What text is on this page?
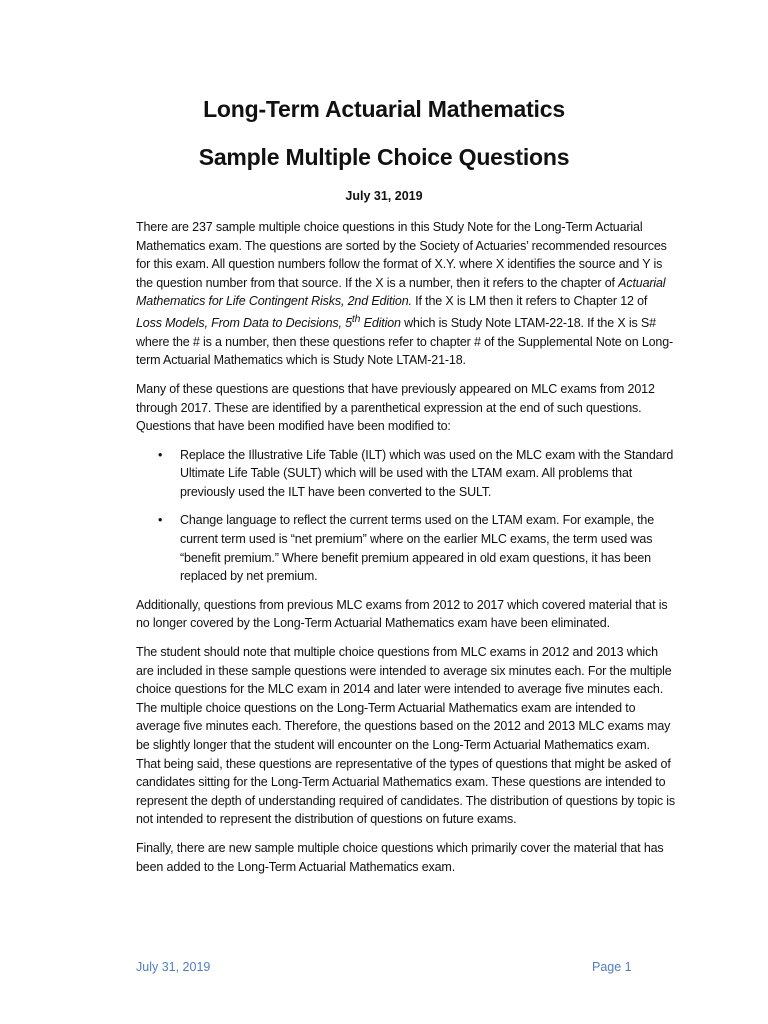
Long-Term Actuarial Mathematics
Sample Multiple Choice Questions
July 31, 2019

There are 237 sample multiple choice questions in this Study Note for the Long-Term Actuarial Mathematics exam. The questions are sorted by the Society of Actuaries’ recommended resources for this exam. All question numbers follow the format of X.Y. where X identifies the source and Y is the question number from that source. If the X is a number, then it refers to the chapter of Actuarial Mathematics for Life Contingent Risks, 2nd Edition. If the X is LM then it refers to Chapter 12 of Loss Models, From Data to Decisions, 5th Edition which is Study Note LTAM-22-18. If the X is S# where the # is a number, then these questions refer to chapter # of the Supplemental Note on Long-term Actuarial Mathematics which is Study Note LTAM-21-18.

Many of these questions are questions that have previously appeared on MLC exams from 2012 through 2017. These are identified by a parenthetical expression at the end of such questions. Questions that have been modified have been modified to:

• Replace the Illustrative Life Table (ILT) which was used on the MLC exam with the Standard Ultimate Life Table (SULT) which will be used with the LTAM exam. All problems that previously used the ILT have been converted to the SULT.
• Change language to reflect the current terms used on the LTAM exam. For example, the current term used is “net premium” where on the earlier MLC exams, the term used was “benefit premium.” Where benefit premium appeared in old exam questions, it has been replaced by net premium.

Additionally, questions from previous MLC exams from 2012 to 2017 which covered material that is no longer covered by the Long-Term Actuarial Mathematics exam have been eliminated.

The student should note that multiple choice questions from MLC exams in 2012 and 2013 which are included in these sample questions were intended to average six minutes each. For the multiple choice questions for the MLC exam in 2014 and later were intended to average five minutes each. The multiple choice questions on the Long-Term Actuarial Mathematics exam are intended to average five minutes each. Therefore, the questions based on the 2012 and 2013 MLC exams may be slightly longer that the student will encounter on the Long-Term Actuarial Mathematics exam. That being said, these questions are representative of the types of questions that might be asked of candidates sitting for the Long-Term Actuarial Mathematics exam. These questions are intended to represent the depth of understanding required of candidates. The distribution of questions by topic is not intended to represent the distribution of questions on future exams.

Finally, there are new sample multiple choice questions which primarily cover the material that has been added to the Long-Term Actuarial Mathematics exam.

July 31, 2019	Page 1
